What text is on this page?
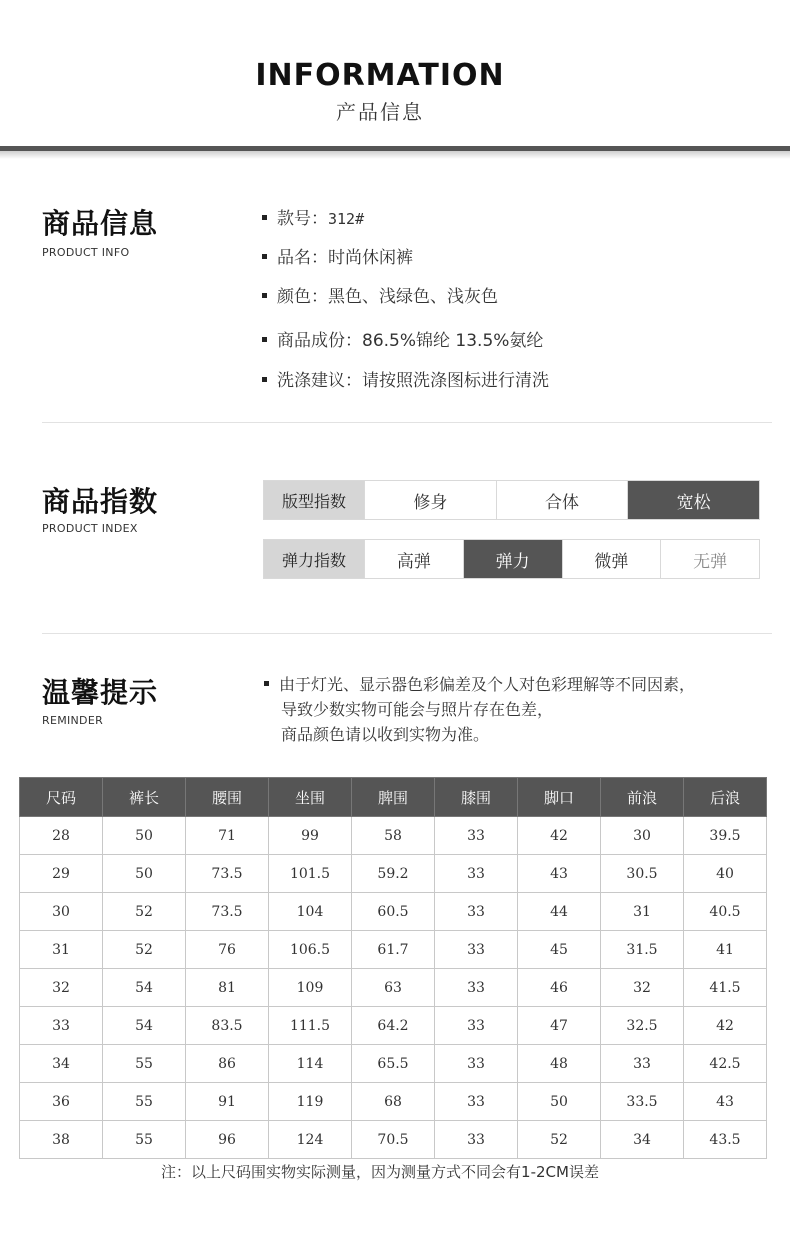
INFORMATION
产品信息
商品信息
PRODUCT INFO
款号：312#
品名：时尚休闲裤
颜色：黑色、浅绿色、浅灰色
商品成份：86.5%锦纶 13.5%氨纶
洗涤建议：请按照洗涤图标进行清洗
商品指数
PRODUCT INDEX
版型指数	修身	合体	宽松
弹力指数	高弹	弹力	微弹	无弹
温馨提示
REMINDER
由于灯光、显示器色彩偏差及个人对色彩理解等不同因素，
导致少数实物可能会与照片存在色差，
商品颜色请以收到实物为准。
尺码	裤长	腰围	坐围	脾围	膝围	脚口	前浪	后浪
28	50	71	99	58	33	42	30	39.5
29	50	73.5	101.5	59.2	33	43	30.5	40
30	52	73.5	104	60.5	33	44	31	40.5
31	52	76	106.5	61.7	33	45	31.5	41
32	54	81	109	63	33	46	32	41.5
33	54	83.5	111.5	64.2	33	47	32.5	42
34	55	86	114	65.5	33	48	33	42.5
36	55	91	119	68	33	50	33.5	43
38	55	96	124	70.5	33	52	34	43.5
注：以上尺码围实物实际测量，因为测量方式不同会有1-2CM误差
